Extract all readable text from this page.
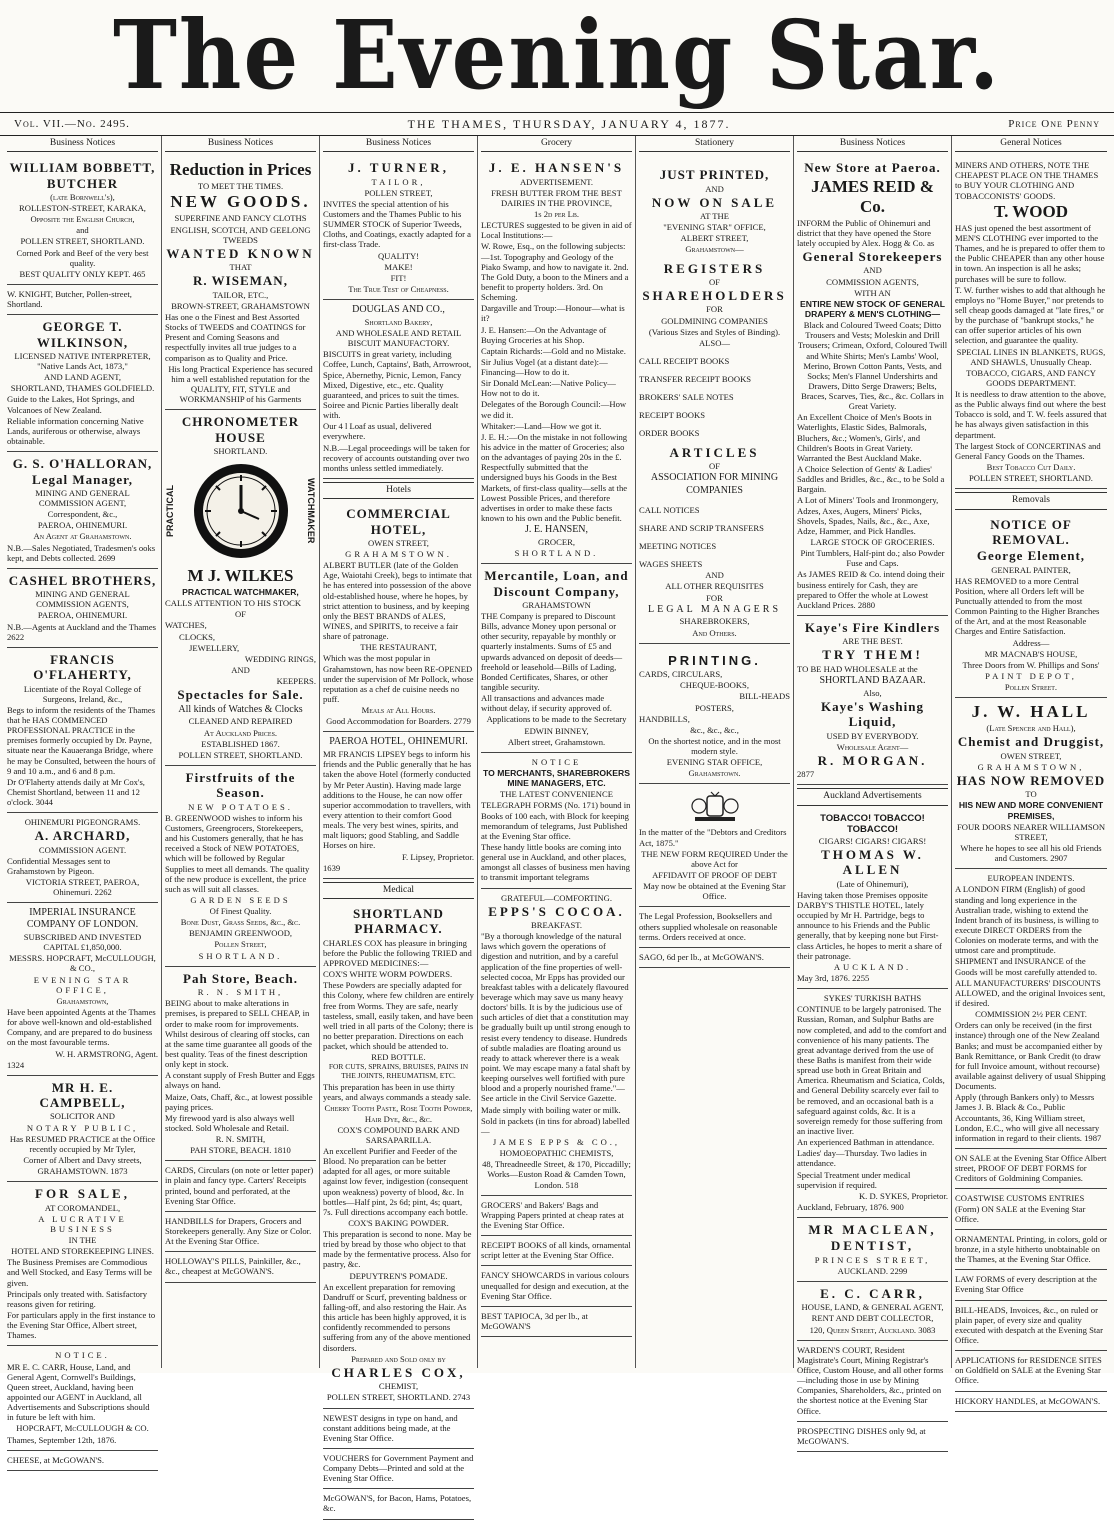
The Evening Star.
Vol. VII.—No. 2495.	THE THAMES, THURSDAY, JANUARY 4, 1877.	Price One Penny
Business Notices

WILLIAM BOBBETT, BUTCHER

(late Bornwell's),

ROLLESTON-STREET, KARAKA,

Opposite the English Church,

and

POLLEN STREET, SHORTLAND.

Corned Pork and Beef of the very best quality.

BEST QUALITY ONLY KEPT. 465

W. KNIGHT, Butcher, Pollen-street, Shortland.

GEORGE T. WILKINSON,

LICENSED NATIVE INTERPRETER, "Native Lands Act, 1873,"

AND LAND AGENT,

SHORTLAND, THAMES GOLDFIELD.

Guide to the Lakes, Hot Springs, and Volcanoes of New Zealand.

Reliable information concerning Native Lands, auriferous or otherwise, always obtainable.

G. S. O'HALLORAN, Legal Manager,

MINING AND GENERAL COMMISSION AGENT,

Correspondent, &c.,

PAEROA, OHINEMURI.

An Agent at Grahamstown.

N.B.—Sales Negotiated, Tradesmen's ooks kept, and Debts collected. 2699

CASHEL BROTHERS,

MINING AND GENERAL COMMISSION AGENTS,

PAEROA, OHINEMURI.

N.B.—Agents at Auckland and the Thames 2622

FRANCIS O'FLAHERTY,

Licentiate of the Royal College of Surgeons, Ireland, &c.,

Begs to inform the residents of the Thames that he HAS COMMENCED PROFESSIONAL PRACTICE in the premises formerly occupied by Dr. Payne, situate near the Kauaeranga Bridge, where he may be Consulted, between the hours of 9 and 10 a.m., and 6 and 8 p.m.

Dr O'Flaherty attends daily at Mr Cox's, Chemist Shortland, between 11 and 12 o'clock. 3044

OHINEMURI PIGEONGRAMS.

A. ARCHARD,

COMMISSION AGENT.

Confidential Messages sent to Grahamstown by Pigeon.

VICTORIA STREET, PAEROA, Ohinemuri. 2262

IMPERIAL INSURANCE COMPANY OF LONDON.

SUBSCRIBED AND INVESTED CAPITAL £1,850,000.

MESSRS. HOPCRAFT, McCULLOUGH, & CO.,

EVENING STAR OFFICE,

Grahamstown,

Have been appointed Agents at the Thames for above well-known and old-established Company, and are prepared to do business on the most favourable terms.

W. H. ARMSTRONG, Agent.

1324

MR H. E. CAMPBELL,

SOLICITOR AND

NOTARY PUBLIC,

Has RESUMED PRACTICE at the Office recently occupied by Mr Tyler,

Corner of Albert and Davy streets,

GRAHAMSTOWN. 1873

FOR SALE,

AT COROMANDEL,

A LUCRATIVE BUSINESS

IN THE

HOTEL AND STOREKEEPING LINES.

The Business Premises are Commodious and Well Stocked, and Easy Terms will be given.

Principals only treated with. Satisfactory reasons given for retiring.

For particulars apply in the first instance to the Evening Star Office, Albert street, Thames.

NOTICE.

MR E. C. CARR, House, Land, and General Agent, Cornwell's Buildings, Queen street, Auckland, having been appointed our AGENT in Auckland, all Advertisements and Subscriptions should in future be left with him.

HOPCRAFT, McCULLOUGH & CO.

Thames, September 12th, 1876.

CHEESE, at McGOWAN'S.

Business Notices

Reduction in Prices

TO MEET THE TIMES.

NEW GOODS.

SUPERFINE AND FANCY CLOTHS

ENGLISH, SCOTCH, AND GEELONG TWEEDS

WANTED KNOWN

THAT

R. WISEMAN,

TAILOR, ETC.,

BROWN-STREET, GRAHAMSTOWN

Has one o the Finest and Best Assorted Stocks of TWEEDS and COATINGS for Present and Coming Seasons and respectfully invites all true judges to a comparison as to Quality and Price.

His long Practical Experience has secured him a well established reputation for the QUALITY, FIT, STYLE and WORKMANSHIP of his Garments

CHRONOMETER HOUSE

SHORTLAND.

PRACTICAL	WATCHMAKER

M J. WILKES

PRACTICAL WATCHMAKER,

CALLS ATTENTION TO HIS STOCK

OF

WATCHES,

CLOCKS,

JEWELLERY,

WEDDING RINGS,

AND

KEEPERS.

Spectacles for Sale.

All kinds of Watches & Clocks

CLEANED AND REPAIRED

At Auckland Prices.

ESTABLISHED 1867.

POLLEN STREET, SHORTLAND.

Firstfruits of the Season.

NEW POTATOES.

B. GREENWOOD wishes to inform his Customers, Greengrocers, Storekeepers, and his Customers generally, that he has received a Stock of NEW POTATOES, which will be followed by Regular Supplies to meet all demands. The quality of the new produce is excellent, the price such as will suit all classes.

GARDEN SEEDS

Of Finest Quality.

Bone Dust, Grass Seeds, &c., &c.

BENJAMIN GREENWOOD,

Pollen Street,

SHORTLAND.

Pah Store, Beach.

R. N. SMITH,

BEING about to make alterations in premises, is prepared to SELL CHEAP, in order to make room for improvements. Whilst desirous of clearing off stocks, can at the same time guarantee all goods of the best quality. Teas of the finest description only kept in stock.

A constant supply of Fresh Butter and Eggs always on hand.

Maize, Oats, Chaff, &c., at lowest possible paying prices.

My firewood yard is also always well stocked. Sold Wholesale and Retail.

R. N. SMITH,

PAH STORE, BEACH. 1810

CARDS, Circulars (on note or letter paper) in plain and fancy type. Carters' Receipts printed, bound and perforated, at the Evening Star Office.

HANDBILLS for Drapers, Grocers and Storekeepers generally. Any Size or Color. At the Evening Star Office.

HOLLOWAY'S PILLS, Painkiller, &c., &c., cheapest at McGOWAN'S.

Business Notices

J. TURNER,

TAILOR,

POLLEN STREET,

INVITES the special attention of his Customers and the Thames Public to his SUMMER STOCK of Superior Tweeds, Cloths, and Coatings, exactly adapted for a first-class Trade.

QUALITY!

MAKE!

FIT!

The True Test of Cheapness.

DOUGLAS AND CO.,

Shortland Bakery,

AND WHOLESALE AND RETAIL BISCUIT MANUFACTORY.

BISCUITS in great variety, including Coffee, Lunch, Captains', Bath, Arrowroot, Spice, Abernethy, Picnic, Lemon, Fancy Mixed, Digestive, etc., etc. Quality guaranteed, and prices to suit the times. Soiree and Picnic Parties liberally dealt with.

Our 4 l Loaf as usual, delivered everywhere.

N.B.—Legal proceedings will be taken for recovery of accounts outstanding over two months unless settled immediately.

Hotels

COMMERCIAL HOTEL,

OWEN STREET,

GRAHAMSTOWN.

ALBERT BUTLER (late of the Golden Age, Waiotahi Creek), begs to intimate that he has entered into possession of the above old-established house, where he hopes, by strict attention to business, and by keeping only the BEST BRANDS of ALES, WINES, and SPIRITS, to receive a fair share of patronage.

THE RESTAURANT,

Which was the most popular in Grahamstown, has now been RE-OPENED under the supervision of Mr Pollock, whose reputation as a chef de cuisine needs no puff.

Meals at All Hours.

Good Accommodation for Boarders. 2779

PAEROA HOTEL, OHINEMURI.

MR FRANCIS LIPSEY begs to inform his friends and the Public generally that he has taken the above Hotel (formerly conducted by Mr Peter Austin). Having made large additions to the House, he can now offer superior accommodation to travellers, with every attention to their comfort Good meals. The very best wines, spirits, and malt liquors; good Stabling, and Saddle Horses on hire.

F. Lipsey, Proprietor.

1639

Medical

SHORTLAND PHARMACY.

CHARLES COX has pleasure in bringing before the Public the following TRIED and APPROVED MEDICINES:—

COX'S WHITE WORM POWDERS.

These Powders are specially adapted for this Colony, where few children are entirely free from Worms. They are safe, nearly tasteless, small, easily taken, and have been well tried in all parts of the Colony; there is no better preparation. Directions on each packet, which should be attended to.

RED BOTTLE.

FOR CUTS, SPRAINS, BRUISES, PAINS IN THE JOINTS, RHEUMATISM, ETC.

This preparation has been in use thirty years, and always commands a steady sale.

Cherry Tooth Paste, Rose Tooth Powder, Hair Dye, &c., &c.

COX'S COMPOUND BARK AND SARSAPARILLA.

An excellent Purifier and Feeder of the Blood. No preparation can be better adapted for all ages, or more suitable against low fever, indigestion (consequent upon weakness) poverty of blood, &c. In bottles—Half pint, 2s 6d; pint, 4s; quart, 7s. Full directions accompany each bottle.

COX'S BAKING POWDER.

This preparation is second to none. May be tried by bread by those who object to that made by the fermentative process. Also for pastry, &c.

DEPUYTREN'S POMADE.

An excellent preparation for removing Dandruff or Scurf, preventing baldness or falling-off, and also restoring the Hair. As this article has been highly approved, it is confidently recommended to persons suffering from any of the above mentioned disorders.

Prepared and Sold only by

CHARLES COX,

CHEMIST,

POLLEN STREET, SHORTLAND. 2743

NEWEST designs in type on hand, and constant additions being made, at the Evening Star Office.

VOUCHERS for Government Payment and Company Debts—Printed and sold at the Evening Star Office.

McGOWAN'S, for Bacon, Hams, Potatoes, &c.

Grocery

J. E. HANSEN'S

ADVERTISEMENT.

FRESH BUTTER FROM THE BEST DAIRIES IN THE PROVINCE,

1s 2d per Lb.

LECTURES suggested to be given in aid of Local Institutions:—

W. Rowe, Esq., on the following subjects:—1st. Topography and Geology of the Piako Swamp, and how to navigate it. 2nd. The Gold Duty, a boon to the Miners and a benefit to property holders. 3rd. On Scheming.

Dargaville and Troup:—Honour—what is it?

J. E. Hansen:—On the Advantage of Buying Groceries at his Shop.

Captain Richards:—Gold and no Mistake.

Sir Julius Vogel (at a distant date):—Financing—How to do it.

Sir Donald McLean:—Native Policy—How not to do it.

Delegates of the Borough Council:—How we did it.

Whitaker:—Land—How we got it.

J. E. H.:—On the mistake in not following his advice in the matter of Groceries; also on the advantages of paying 20s in the £. Respectfully submitted that the undersigned buys his Goods in the Best Markets, of first-class quality—sells at the Lowest Possible Prices, and therefore advertises in order to make these facts known to his own and the Public benefit.

J. E. HANSEN,

GROCER,

SHORTLAND.

Mercantile, Loan, and Discount Company,

GRAHAMSTOWN

THE Company is prepared to Discount Bills, advance Money upon personal or other security, repayable by monthly or quarterly instalments. Sums of £5 and upwards advanced on deposit of deeds—freehold or leasehold—Bills of Lading, Bonded Certificates, Shares, or other tangible security.

All transactions and advances made without delay, if security approved of.

Applications to be made to the Secretary

EDWIN BINNEY,

Albert street, Grahamstown.

NOTICE

TO MERCHANTS, SHAREBROKERS MINE MANAGERS, ETC.

THE LATEST CONVENIENCE

TELEGRAPH FORMS (No. 171) bound in Books of 100 each, with Block for keeping memorandum of telegrams, Just Published at the Evening Star office.

These handy little books are coming into general use in Auckland, and other places, amongst all classes of business men having to transmit important telegrams

GRATEFUL—COMFORTING.

EPPS'S COCOA.

BREAKFAST.

"By a thorough knowledge of the natural laws which govern the operations of digestion and nutrition, and by a careful application of the fine properties of well-selected cocoa, Mr Epps has provided our breakfast tables with a delicately flavoured beverage which may save us many heavy doctors' bills. It is by the judicious use of such articles of diet that a constitution may be gradually built up until strong enough to resist every tendency to disease. Hundreds of subtle maladies are floating around us ready to attack wherever there is a weak point. We may escape many a fatal shaft by keeping ourselves well fortified with pure blood and a properly nourished frame."—See article in the Civil Service Gazette.

Made simply with boiling water or milk.

Sold in packets (in tins for abroad) labelled—

JAMES EPPS & CO.,

HOMOEOPATHIC CHEMISTS,

48, Threadneedle Street, & 170, Piccadilly; Works—Euston Road & Camden Town, London. 518

GROCERS' and Bakers' Bags and Wrapping Papers printed at cheap rates at the Evening Star Office.

RECEIPT BOOKS of all kinds, ornamental script letter at the Evening Star Office.

FANCY SHOWCARDS in various colours unequalled for design and execution, at the Evening Star Office.

BEST TAPIOCA, 3d per lb., at McGOWAN'S

Stationery

JUST PRINTED,

AND

NOW ON SALE

AT THE

"EVENING STAR" OFFICE,

ALBERT STREET,

Grahamstown—

REGISTERS

OF

SHAREHOLDERS

FOR

GOLDMINING COMPANIES

(Various Sizes and Styles of Binding).

ALSO—

CALL RECEIPT BOOKS

TRANSFER RECEIPT BOOKS

BROKERS' SALE NOTES

RECEIPT BOOKS

ORDER BOOKS

ARTICLES

OF

ASSOCIATION FOR MINING

COMPANIES

CALL NOTICES

SHARE AND SCRIP TRANSFERS

MEETING NOTICES

WAGES SHEETS

AND

ALL OTHER REQUISITES

FOR

LEGAL MANAGERS

SHAREBROKERS,

And Others.

PRINTING.

CARDS, CIRCULARS,

CHEQUE-BOOKS,

BILL-HEADS

POSTERS,

HANDBILLS,

&c., &c., &c.,

On the shortest notice, and in the most modern style.

EVENING STAR OFFICE,

Grahamstown.

In the matter of the "Debtors and Creditors Act, 1875."

THE NEW FORM REQUIRED Under the above Act for

AFFIDAVIT OF PROOF OF DEBT

May now be obtained at the Evening Star Office.

The Legal Profession, Booksellers and others supplied wholesale on reasonable terms. Orders received at once.

SAGO, 6d per lb., at McGOWAN'S.

Business Notices

New Store at Paeroa.

JAMES REID & Co.

INFORM the Public of Ohinemuri and district that they have opened the Store lately occupied by Alex. Hogg & Co. as

General Storekeepers

AND

COMMISSION AGENTS,

WITH AN

ENTIRE NEW STOCK OF GENERAL DRAPERY & MEN'S CLOTHING—

Black and Coloured Tweed Coats; Ditto Trousers and Vests; Moleskin and Drill Trousers; Crimean, Oxford, Coloured Twill and White Shirts; Men's Lambs' Wool, Merino, Brown Cotton Pants, Vests, and Socks; Men's Flannel Undershirts and Drawers, Ditto Serge Drawers; Belts, Braces, Scarves, Ties, &c., &c. Collars in Great Variety.

An Excellent Choice of Men's Boots in Waterlights, Elastic Sides, Balmorals, Bluchers, &c.; Women's, Girls', and Children's Boots in Great Variety. Warranted the Best Auckland Make.

A Choice Selection of Gents' & Ladies' Saddles and Bridles, &c., &c., to be Sold a Bargain.

A Lot of Miners' Tools and Ironmongery, Adzes, Axes, Augers, Miners' Picks, Shovels, Spades, Nails, &c., &c., Axe, Adze, Hammer, and Pick Handles.

LARGE STOCK OF GROCERIES.

Pint Tumblers, Half-pint do.; also Powder Fuse and Caps.

As JAMES REID & Co. intend doing their business entirely for Cash, they are prepared to Offer the whole at Lowest Auckland Prices. 2880

Kaye's Fire Kindlers

ARE THE BEST.

TRY THEM!

TO BE HAD WHOLESALE at the

SHORTLAND BAZAAR.

Also,

Kaye's Washing Liquid,

USED BY EVERYBODY.

Wholesale Agent—

R. MORGAN.

2877

Auckland Advertisements

TOBACCO! TOBACCO! TOBACCO!

CIGARS! CIGARS! CIGARS!

THOMAS W. ALLEN

(Late of Ohinemuri),

Having taken those Premises opposite DARBY'S THISTLE HOTEL, lately occupied by Mr H. Partridge, begs to announce to his Friends and the Public generally, that by keeping none but First-class Articles, he hopes to merit a share of their patronage.

AUCKLAND.

May 3rd, 1876. 2255

SYKES' TURKISH BATHS

CONTINUE to be largely patronised. The Russian, Roman, and Sulphur Baths are now completed, and add to the comfort and convenience of his many patients. The great advantage derived from the use of these Baths is manifest from their wide spread use both in Great Britain and America. Rheumatism and Sciatica, Colds, and General Debility scarcely ever fail to be removed, and an occasional bath is a safeguard against colds, &c. It is a sovereign remedy for those suffering from an inactive liver.

An experienced Bathman in attendance.

Ladies' day—Thursday. Two ladies in attendance.

Special Treatment under medical supervision if required.

K. D. SYKES, Proprietor.

Auckland, February, 1876. 900

MR MACLEAN,

DENTIST,

PRINCES STREET,

AUCKLAND. 2299

E. C. CARR,

HOUSE, LAND, & GENERAL AGENT,

RENT AND DEBT COLLECTOR,

120, Queen Street, Auckland. 3083

WARDEN'S COURT, Resident Magistrate's Court, Mining Registrar's Office, Custom House, and all other forms—including those in use by Mining Companies, Shareholders, &c., printed on the shortest notice at the Evening Star Office.

PROSPECTING DISHES only 9d, at McGOWAN'S.

General Notices

MINERS AND OTHERS, NOTE THE CHEAPEST PLACE ON THE THAMES to BUY YOUR CLOTHING AND TOBACCONISTS' GOODS.

T. WOOD

HAS just opened the best assortment of MEN'S CLOTHING ever imported to the Thames, and he is prepared to offer them to the Public CHEAPER than any other house in town. An inspection is all he asks; purchases will be sure to follow.

T. W. further wishes to add that although he employs no "Home Buyer," nor pretends to sell cheap goods damaged at "late fires," or by the purchase of "bankrupt stocks," he can offer superior articles of his own selection, and guarantee the quality.

SPECIAL LINES IN BLANKETS, RUGS, AND SHAWLS, Unusually Cheap.

TOBACCO, CIGARS, AND FANCY GOODS DEPARTMENT.

It is needless to draw attention to the above, as the Public always find out where the best Tobacco is sold, and T. W. feels assured that he has always given satisfaction in this department.

The largest Stock of CONCERTINAS and General Fancy Goods on the Thames.

Best Tobacco Cut Daily.

POLLEN STREET, SHORTLAND.

Removals

NOTICE OF REMOVAL.

George Element,

GENERAL PAINTER,

HAS REMOVED to a more Central Position, where all Orders left will be Punctually attended to from the most Common Painting to the Higher Branches of the Art, and at the most Reasonable Charges and Entire Satisfaction.

Address—

MR MACNAB'S HOUSE,

Three Doors from W. Phillips and Sons'

PAINT DEPOT,

Pollen Street.

J. W. HALL

(Late Spencer and Hall),

Chemist and Druggist,

OWEN STREET,

GRAHAMSTOWN,

HAS NOW REMOVED

TO

HIS NEW AND MORE CONVENIENT PREMISES,

FOUR DOORS NEARER WILLIAMSON STREET,

Where he hopes to see all his old Friends and Customers. 2907

EUROPEAN INDENTS.

A LONDON FIRM (English) of good standing and long experience in the Australian trade, wishing to extend the Indent branch of its business, is willing to execute DIRECT ORDERS from the Colonies on moderate terms, and with the utmost care and promptitude.

SHIPMENT and INSURANCE of the Goods will be most carefully attended to.

ALL MANUFACTURERS' DISCOUNTS ALLOWED, and the original Invoices sent, if desired.

COMMISSION 2½ PER CENT.

Orders can only be received (in the first instance) through one of the New Zealand Banks; and must be accompanied either by Bank Remittance, or Bank Credit (to draw for full Invoice amount, without recourse) available against delivery of usual Shipping Documents.

Apply (through Bankers only) to Messrs James J. B. Black & Co., Public Accountants, 36, King William street, London, E.C., who will give all necessary information in regard to their clients. 1987

ON SALE at the Evening Star Office Albert street, PROOF OF DEBT FORMS for Creditors of Goldmining Companies.

COASTWISE CUSTOMS ENTRIES (Form) ON SALE at the Evening Star Office.

ORNAMENTAL Printing, in colors, gold or bronze, in a style hitherto unobtainable on the Thames, at the Evening Star Office.

LAW FORMS of every description at the Evening Star Office

BILL-HEADS, Invoices, &c., on ruled or plain paper, of every size and quality executed with despatch at the Evening Star Office.

APPLICATIONS for RESIDENCE SITES on Goldfield on SALE at the Evening Star Office.

HICKORY HANDLES, at McGOWAN'S.
